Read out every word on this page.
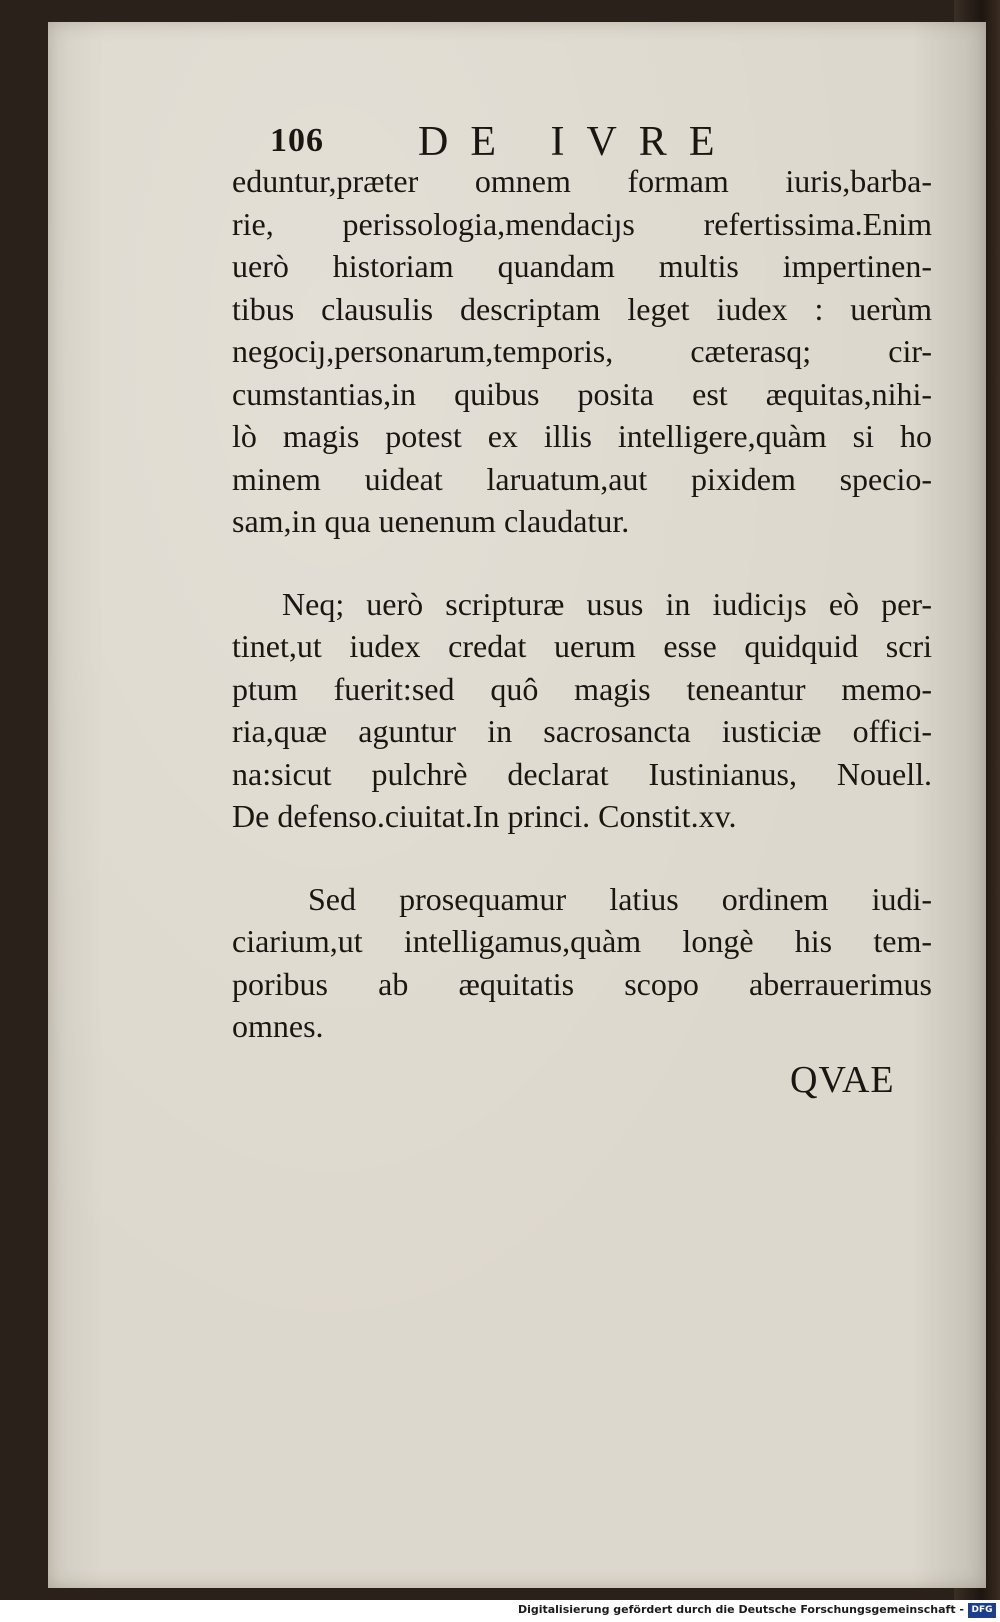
106 DE IVRE
eduntur,præter omnem formam iuris,barba-
rie, perissologia,mendaciȷs refertissima.Enim
uerò historiam quandam multis impertinen-
tibus clausulis descriptam leget iudex : uerùm
negociȷ,personarum,temporis, cæterasq; cir-
cumstantias,in quibus posita est æquitas,nihi-
lò magis potest ex illis intelligere,quàm si ho
minem uideat laruatum,aut pixidem specio-
sam,in qua uenenum claudatur.
Neq; uerò scripturæ usus in iudiciȷs eò per-
tinet,ut iudex credat uerum esse quidquid scri
ptum fuerit:sed quô magis teneantur memo-
ria,quæ aguntur in sacrosancta iusticiæ offici-
na:sicut pulchrè declarat Iustinianus, Nouell.
De defenso.ciuitat.In princi. Constit.xv.
Sed prosequamur latius ordinem iudi-
ciarium,ut intelligamus,quàm longè his tem-
poribus ab æquitatis scopo aberrauerimus
omnes.
QVAE
Digitalisierung gefördert durch die Deutsche Forschungsgemeinschaft - DFG
